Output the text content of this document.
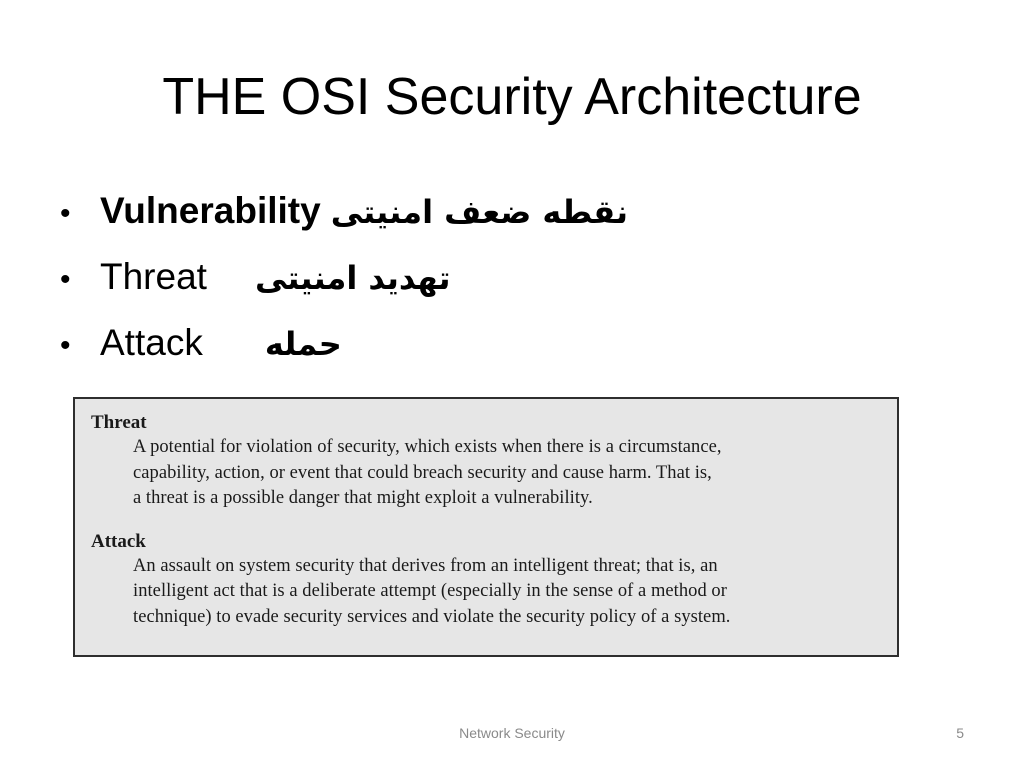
THE OSI Security Architecture
• Vulnerability نقطه ضعف امنیتی
• Threat تهدید امنیتی
• Attack حمله
Threat
A potential for violation of security, which exists when there is a circumstance,
capability, action, or event that could breach security and cause harm. That is,
a threat is a possible danger that might exploit a vulnerability.
Attack
An assault on system security that derives from an intelligent threat; that is, an
intelligent act that is a deliberate attempt (especially in the sense of a method or
technique) to evade security services and violate the security policy of a system.
Network Security	5
